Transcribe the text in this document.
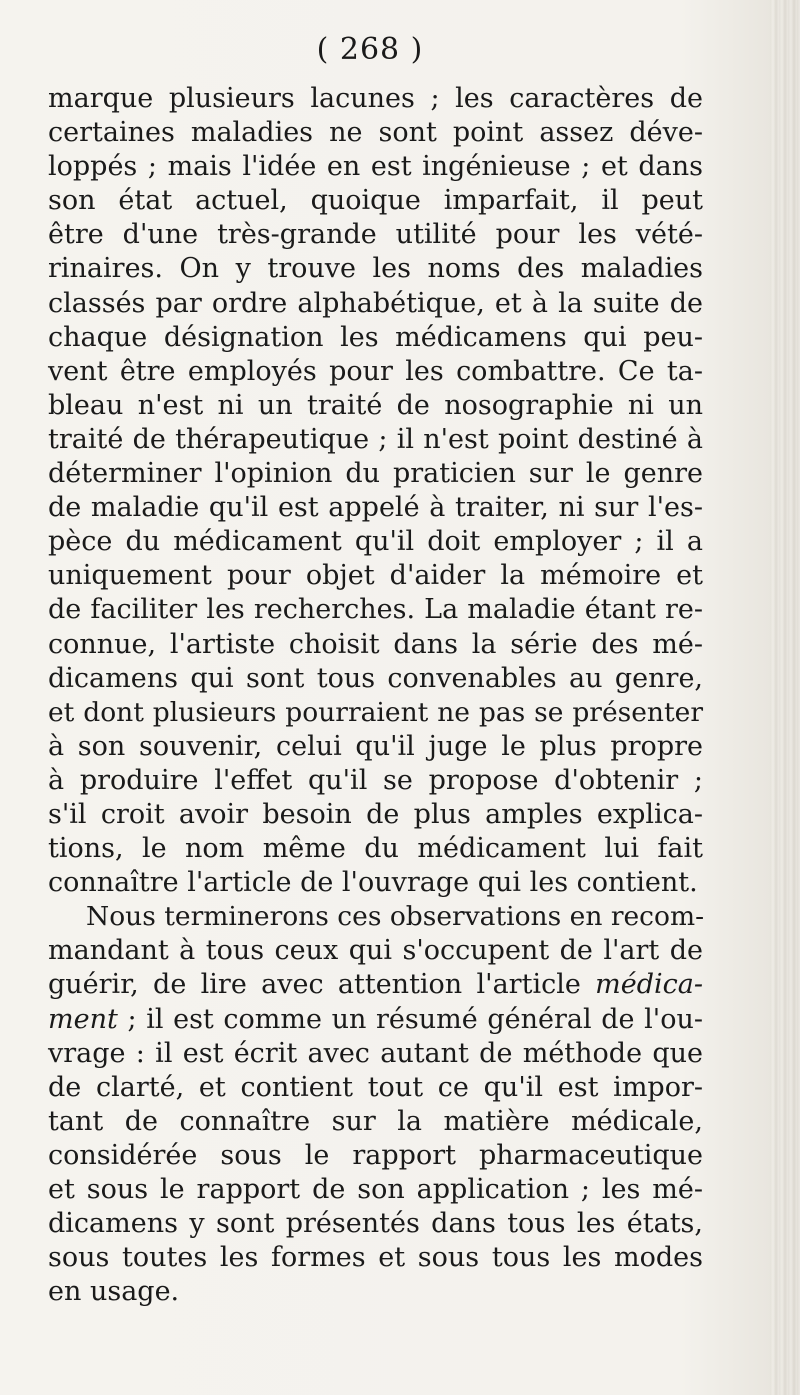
( 268 )
marque plusieurs lacunes ; les caractères de
certaines maladies ne sont point assez déve-
loppés ; mais l'idée en est ingénieuse ; et dans
son état actuel, quoique imparfait, il peut
être d'une très-grande utilité pour les vété-
rinaires. On y trouve les noms des maladies
classés par ordre alphabétique, et à la suite de
chaque désignation les médicamens qui peu-
vent être employés pour les combattre. Ce ta-
bleau n'est ni un traité de nosographie ni un
traité de thérapeutique ; il n'est point destiné à
déterminer l'opinion du praticien sur le genre
de maladie qu'il est appelé à traiter, ni sur l'es-
pèce du médicament qu'il doit employer ; il a
uniquement pour objet d'aider la mémoire et
de faciliter les recherches. La maladie étant re-
connue, l'artiste choisit dans la série des mé-
dicamens qui sont tous convenables au genre,
et dont plusieurs pourraient ne pas se présenter
à son souvenir, celui qu'il juge le plus propre
à produire l'effet qu'il se propose d'obtenir ;
s'il croit avoir besoin de plus amples explica-
tions, le nom même du médicament lui fait
connaître l'article de l'ouvrage qui les contient.
Nous terminerons ces observations en recom-
mandant à tous ceux qui s'occupent de l'art de
guérir, de lire avec attention l'article médica-
ment ; il est comme un résumé général de l'ou-
vrage : il est écrit avec autant de méthode que
de clarté, et contient tout ce qu'il est impor-
tant de connaître sur la matière médicale,
considérée sous le rapport pharmaceutique
et sous le rapport de son application ; les mé-
dicamens y sont présentés dans tous les états,
sous toutes les formes et sous tous les modes
en usage.
